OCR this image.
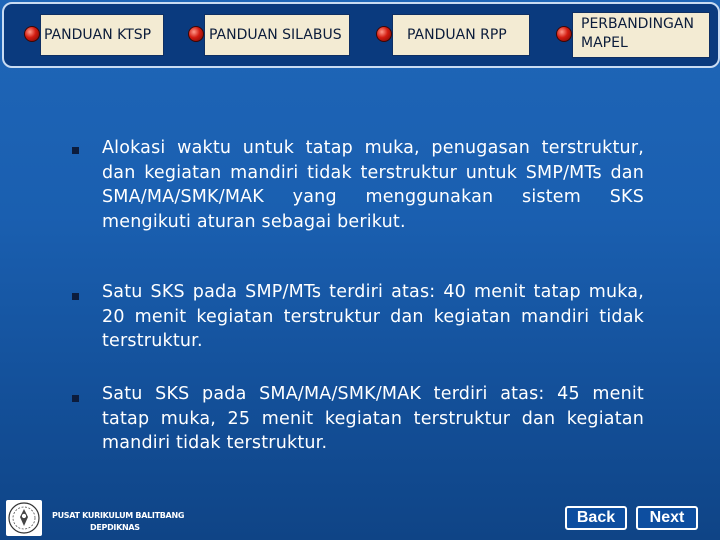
PANDUAN KTSP	PANDUAN SILABUS	PANDUAN RPP
PERBANDINGAN
MAPEL
Alokasi waktu untuk tatap muka, penugasan terstruktur, dan kegiatan mandiri tidak terstruktur untuk SMP/MTs dan SMA/MA/SMK/MAK yang menggunakan sistem SKS mengikuti aturan sebagai berikut.
Satu SKS pada SMP/MTs terdiri atas: 40 menit tatap muka, 20 menit kegiatan terstruktur dan kegiatan mandiri tidak terstruktur.
Satu SKS pada SMA/MA/SMK/MAK terdiri atas: 45 menit tatap muka, 25 menit kegiatan terstruktur dan kegiatan mandiri tidak terstruktur.
PUSAT KURIKULUM BALITBANG
DEPDIKNAS
Back	Next
